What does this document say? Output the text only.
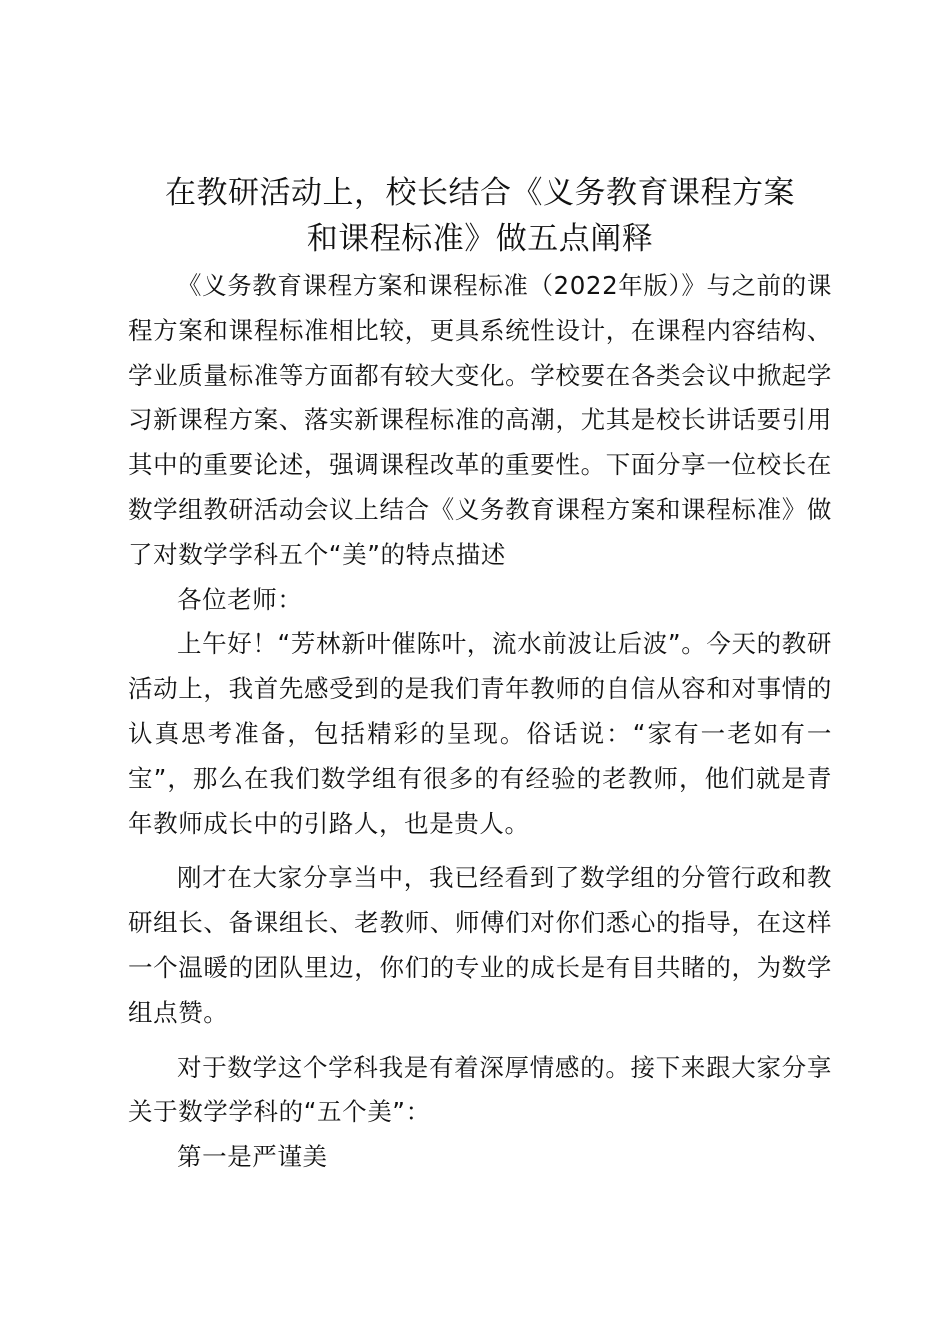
在教研活动上，校长结合《义务教育课程方案
和课程标准》做五点阐释

《义务教育课程方案和课程标准（2022年版）》与之前的课程方案和课程标准相比较，更具系统性设计，在课程内容结构、学业质量标准等方面都有较大变化。学校要在各类会议中掀起学习新课程方案、落实新课程标准的高潮，尤其是校长讲话要引用其中的重要论述，强调课程改革的重要性。下面分享一位校长在数学组教研活动会议上结合《义务教育课程方案和课程标准》做了对数学学科五个“美”的特点描述

各位老师：

上午好！“芳林新叶催陈叶，流水前波让后波”。今天的教研活动上，我首先感受到的是我们青年教师的自信从容和对事情的认真思考准备，包括精彩的呈现。俗话说：“家有一老如有一宝”，那么在我们数学组有很多的有经验的老教师，他们就是青年教师成长中的引路人，也是贵人。

刚才在大家分享当中，我已经看到了数学组的分管行政和教研组长、备课组长、老教师、师傅们对你们悉心的指导，在这样一个温暖的团队里边，你们的专业的成长是有目共睹的，为数学组点赞。

对于数学这个学科我是有着深厚情感的。接下来跟大家分享关于数学学科的“五个美”：

第一是严谨美
